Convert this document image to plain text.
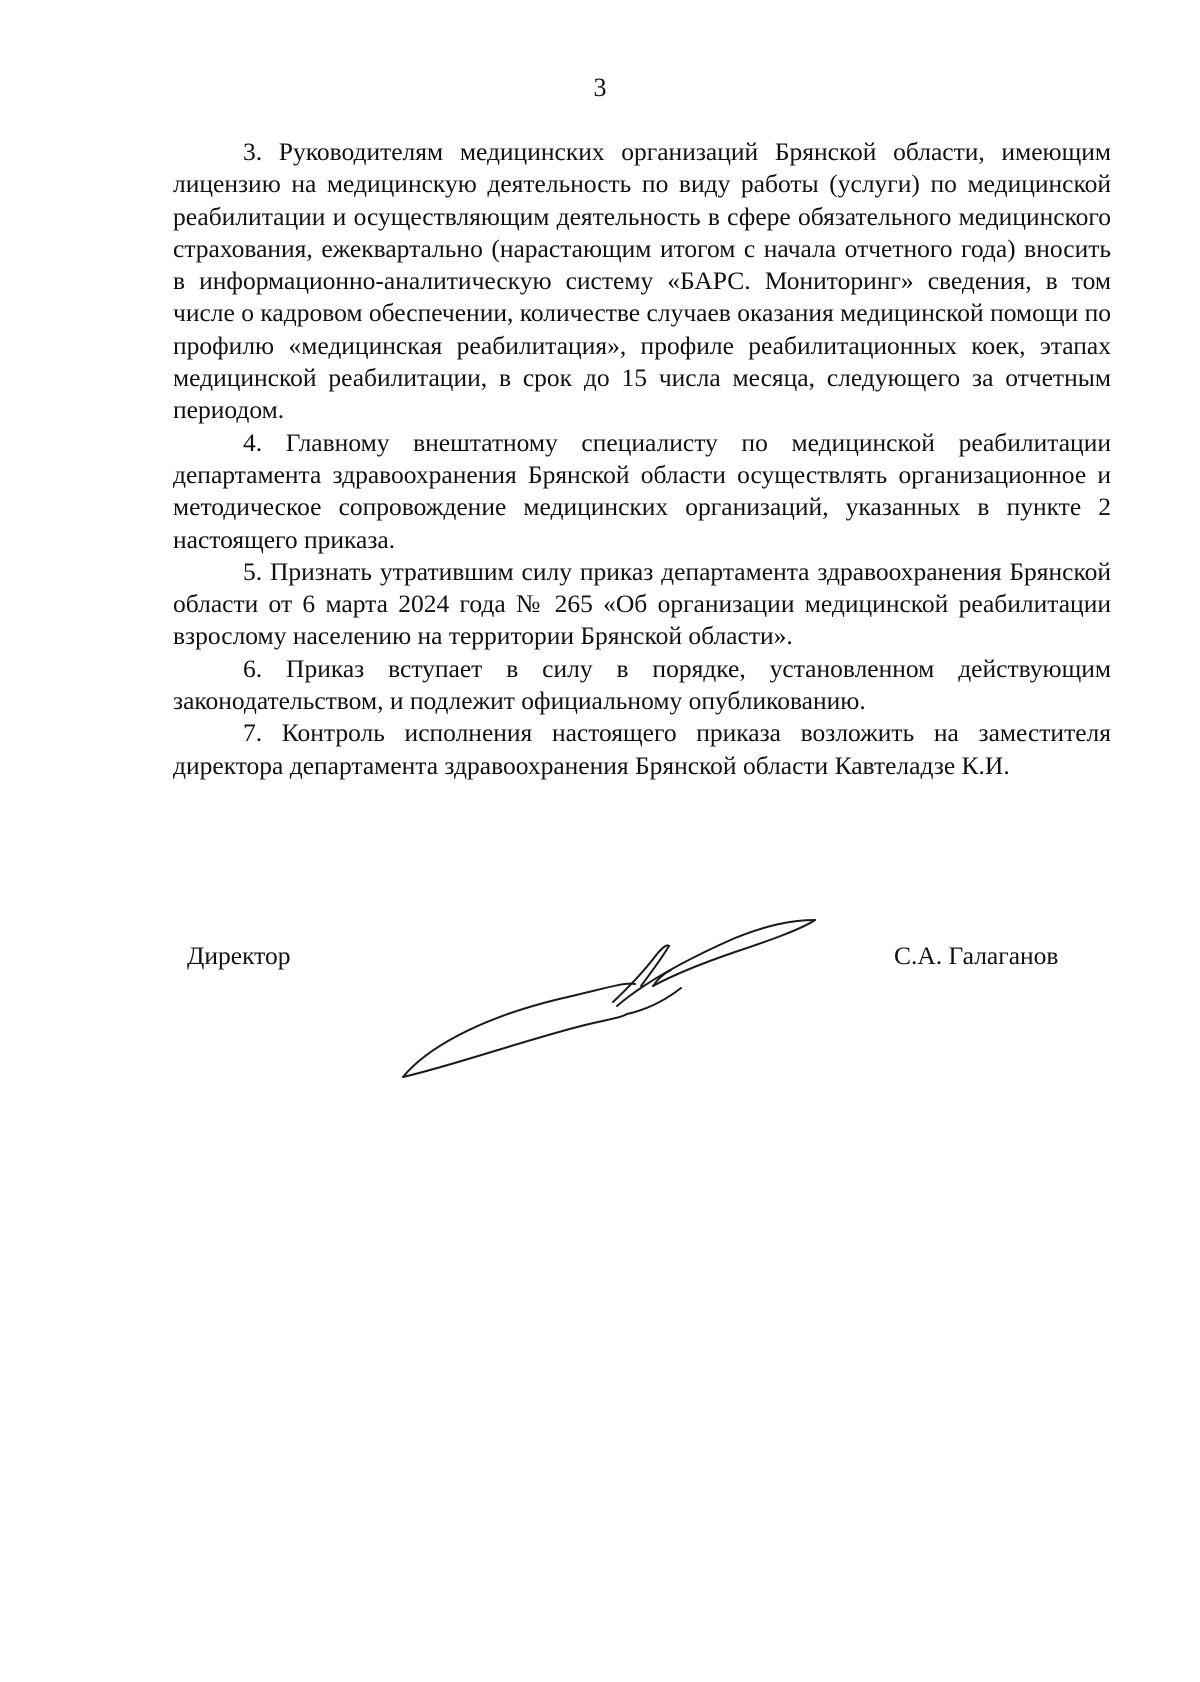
3

3. Руководителям медицинских организаций Брянской области, имеющим лицензию на медицинскую деятельность по виду работы (услуги) по медицинской реабилитации и осуществляющим деятельность в сфере обязательного медицинского страхования, ежеквартально (нарастающим итогом с начала отчетного года) вносить в информационно-аналитическую систему «БАРС. Мониторинг» сведения, в том числе о кадровом обеспечении, количестве случаев оказания медицинской помощи по профилю «медицинская реабилитация», профиле реабилитационных коек, этапах медицинской реабилитации, в срок до 15 числа месяца, следующего за отчетным периодом.

4. Главному внештатному специалисту по медицинской реабилитации департамента здравоохранения Брянской области осуществлять организационное и методическое сопровождение медицинских организаций, указанных в пункте 2 настоящего приказа.

5. Признать утратившим силу приказ департамента здравоохранения Брянской области от 6 марта 2024 года № 265 «Об организации медицинской реабилитации взрослому населению на территории Брянской области».

6. Приказ вступает в силу в порядке, установленном действующим законодательством, и подлежит официальному опубликованию.

7. Контроль исполнения настоящего приказа возложить на заместителя директора департамента здравоохранения Брянской области Кавтеладзе К.И.

Директор	С.А. Галаганов
